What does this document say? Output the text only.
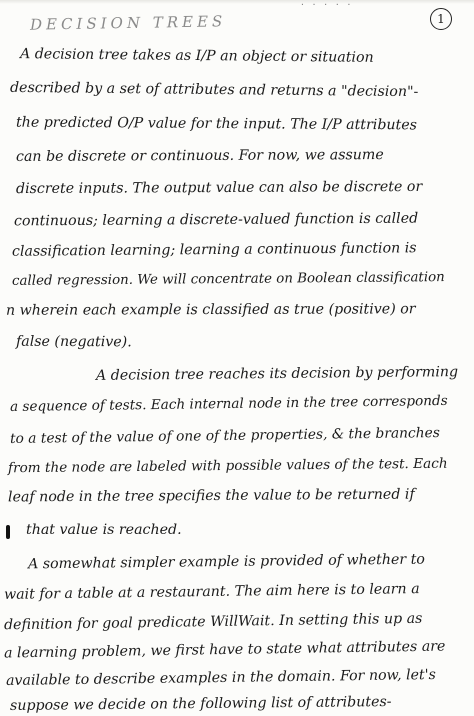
· · · · ·
DECISION TREES	1
A decision tree takes as I/P an object or situation
described by a set of attributes and returns a "decision"-
the predicted O/P value for the input. The I/P attributes
can be discrete or continuous. For now, we assume
discrete inputs. The output value can also be discrete or
continuous; learning a discrete-valued function is called
classification learning; learning a continuous function is
called regression. We will concentrate on Boolean classification
n wherein each example is classified as true (positive) or
false (negative).
A decision tree reaches its decision by performing
a sequence of tests. Each internal node in the tree corresponds
to a test of the value of one of the properties, & the branches
from the node are labeled with possible values of the test. Each
leaf node in the tree specifies the value to be returned if
that value is reached.
A somewhat simpler example is provided of whether to
wait for a table at a restaurant. The aim here is to learn a
definition for goal predicate WillWait. In setting this up as
a learning problem, we first have to state what attributes are
available to describe examples in the domain. For now, let's
suppose we decide on the following list of attributes-
